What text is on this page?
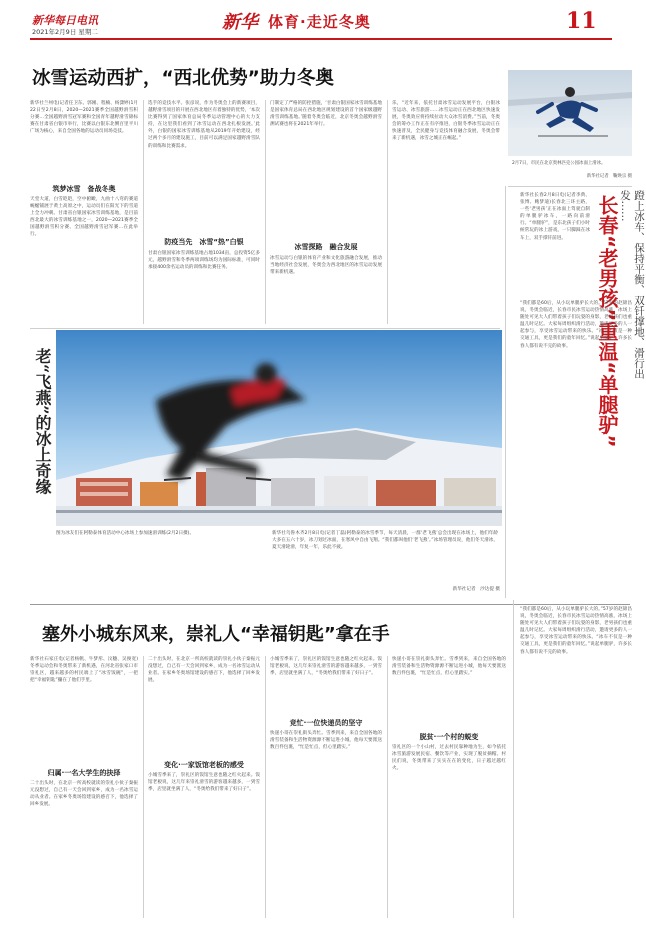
新华每日电讯
2021年2月9日 星期二	新华 体育·走近冬奥	11
冰雪运动西扩，“西北优势”助力冬奥
新华社兰州电(记者任卫东、郭刚、程楠、杨潇婷)1月22日至2月8日，2020—2021赛季全国越野滑雪积分赛…全国越野滑雪冠军赛和全国青年越野滑雪锦标赛在甘肃省白银市举行，比赛以白银东北侧百里平川广场为核心，来自全国各地的运动员同场竞技。
筑梦冰雪　备战冬奥
天堂大道，白雪皑皑，空中俯瞰，九曲十八弯的赛道蜿蜒铺展于黄土高原之中，运动员们在阳光下的雪道上全力冲刺。甘肃省白银国家冰雪训练基地，是目前西北最大的冰雪训练基地之一，2020—2021赛季全国越野滑雪积分赛、全国越野滑雪冠军赛…在此举行。
选手的竞技水平。张彦说，作为冬奥会上的新赛项目，越野滑雪项目的开展在西北地区有着独特的优势，‘本次比赛得到了国家体育总局冬季运动管理中心的大力支持，在这里我们看到了冰雪运动在西北扎根发展。’此外，白银的国家冰雪训练基地从2019年开始建设，经过两个多月的建设施工，目前可以满足国家越野滑雪队的训练和比赛需求。
防疫当先　冰雪“热”白银
甘肃白银国家冰雪训练基地占地1034亩，总投资5亿多元，越野滑雪和冬季两项训练场均为国际标准，可同时承接400余名运动员的训练和比赛任务。
门制定了严格的防控措施，‘甘肃白银国家冰雪训练基地是国家体育总局在西北地区规划建设的首个国家级越野滑雪训练基地。’随着冬奥会临近，北京冬奥会越野滑雪测试赛也将在2021年举行。
冰雪探路　融合发展
冰雪运动与白银的体育产业和文化旅游融合发展，推动当地经济社会发展，冬奥会为西北地区的冰雪运动发展带来新机遇。
乐，“近年来，依托甘肃冰雪运动发展平台，白银冰雪运动、冰雪旅游……冰雪运动正在西北地区快速发展，冬奥效应将持续拉动大众冰雪消费。”当前，冬奥会的筹办工作正在有序推进，白银冬季冰雪运动正在快速普及，全民健身与竞技体育融合发展，冬奥会带来了新机遇，冰雪之城正在崛起。”
2月7日，市民在北京奥林匹克公园冰面上滑冰。
新华社记者　鞠焕宗 摄
蹬上冰车、保持平衡、双钎撑地、滑行出发……
长春“老男孩”重温“单腿驴”
新华社长春2月8日电(记者李典、张博、鲍梦迪)长春北三环主路，一些‘老男孩’正在冰面上驾驶自制的单腿驴冰车，一路向前滑行。“单腿驴”，是东北孩子们小时候常玩的冰上游戏，一只脚踩在冰车上，双手撑钎前进。
“我们都是60后，从小玩单腿驴长大的。”57岁的赵锦昌说，冬奥会临近，长春市民冰雪运动热情高涨，冰场上随处可见大人们带着孩子们玩耍的身影，老男孩们也重温儿时记忆。大家每周组织滑行活动，邀请更多的人一起参与，享受冰雪运动带来的快乐。“冰车不仅是一种交通工具，更是我们的童年回忆。”说起单腿驴，许多长春人都有说不完的故事。
老“飞燕”的冰上奇缘
图为冰友们在阿勒泰体育活动中心冰场上参加速滑训练(2月2日摄)。	新华社乌鲁木齐2月8日电(记者丁磊)阿勒泰的冰雪季节，每天清晨，一群‘老飞燕’总会出现在冰场上，他们年龄大多在五六十岁，冰刀划过冰面，在寒风中自由飞翔。“我们都叫他们‘老飞燕’。”冰场管理员说，他们冬天滑冰，夏天滑轮滑，年复一年，乐此不疲。
新华社记者　沙达提 摄
塞外小城东风来，崇礼人“幸福钥匙”拿在手
新华社石家庄电(记者杨帆、牛梦彤、汶穗、吴俊宽)冬季运动会和冬奥带来了新机遇，在河北省张家口市崇礼区，越来越多的村民端上了“冰雪饭碗”，一把把“幸福钥匙”攥在了他们手里。
归属·一名大学生的抉择
二十出头时，在北京一所高校就读的崇礼小伙子秦振元没想过，自己有一天会回到家乡，成为一名冰雪运动从业者。在家乡冬奥场馆建设的感召下，他选择了回乡发展。
二十出头时，在北京一所高校就读的崇礼小伙子秦振元没想过，自己有一天会回到家乡，成为一名冰雪运动从业者。在家乡冬奥场馆建设的感召下，他选择了回乡发展。
变化·一家饭馆老板的感受
小城雪季来了，崇礼区的饭馆生意也随之红火起来。饭馆老板说，这几年来崇礼滑雪的游客越来越多，一到雪季，店里就坐满了人，“冬奥给我们带来了好日子”。
小城雪季来了，崇礼区的饭馆生意也随之红火起来。饭馆老板说，这几年来崇礼滑雪的游客越来越多，一到雪季，店里就坐满了人，“冬奥给我们带来了好日子”。
竞忙·一位快递员的坚守
快递小哥在崇礼街头奔忙。雪季到来，来自全国各地的滑雪装备和生活物资源源不断运进小城，他每天要派送数百件包裹，“忙是忙点，但心里踏实。”
快递小哥在崇礼街头奔忙。雪季到来，来自全国各地的滑雪装备和生活物资源源不断运进小城，他每天要派送数百件包裹，“忙是忙点，但心里踏实。”
脱贫·一个村的蜕变
崇礼区的一个小山村，过去村民靠种地为生，如今依托冰雪旅游发展民宿、餐饮等产业，实现了脱贫摘帽。村民们说，冬奥带来了实实在在的变化，日子越过越红火。
“我们都是60后，从小玩单腿驴长大的。”57岁的赵锦昌说，冬奥会临近，长春市民冰雪运动热情高涨，冰场上随处可见大人们带着孩子们玩耍的身影，老男孩们也重温儿时记忆。大家每周组织滑行活动，邀请更多的人一起参与，享受冰雪运动带来的快乐。“冰车不仅是一种交通工具，更是我们的童年回忆。”说起单腿驴，许多长春人都有说不完的故事。
